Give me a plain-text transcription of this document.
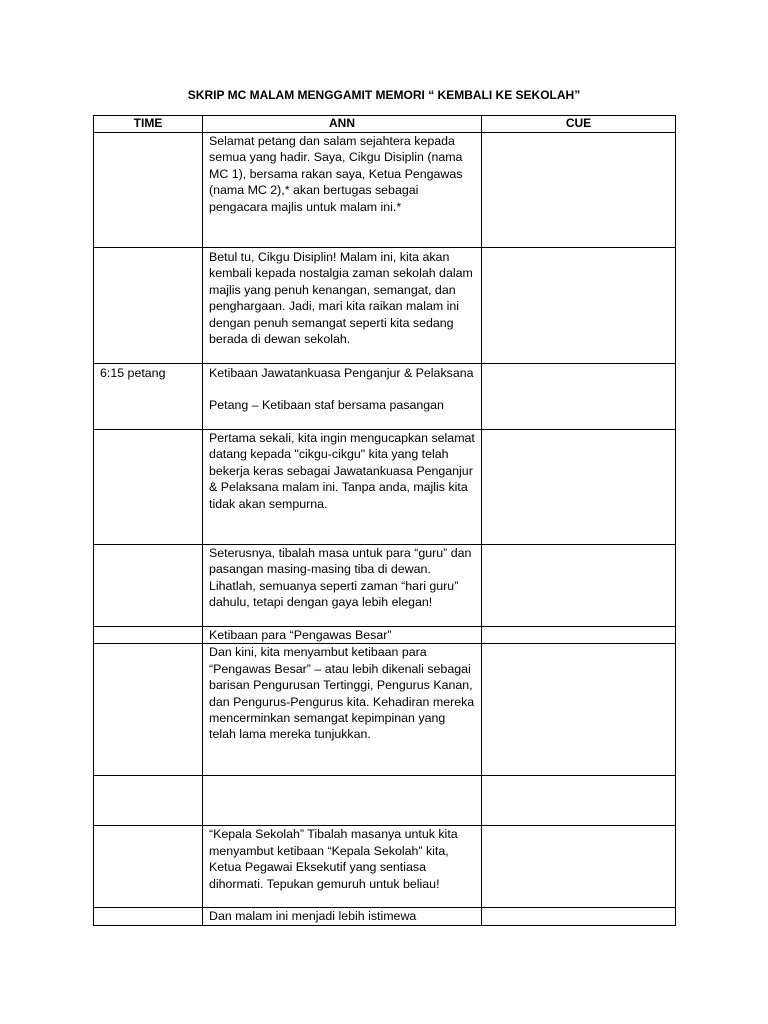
SKRIP MC MALAM MENGGAMIT MEMORI “ KEMBALI KE SEKOLAH”
TIME	ANN	CUE

	Selamat petang dan salam sejahtera kepada semua yang hadir. Saya, Cikgu Disiplin (nama MC 1), bersama rakan saya, Ketua Pengawas (nama MC 2),* akan bertugas sebagai pengacara majlis untuk malam ini.*	

	Betul tu, Cikgu Disiplin! Malam ini, kita akan kembali kepada nostalgia zaman sekolah dalam majlis yang penuh kenangan, semangat, dan penghargaan. Jadi, mari kita raikan malam ini dengan penuh semangat seperti kita sedang berada di dewan sekolah.	

6:15 petang	Ketibaan Jawatankuasa Penganjur & Pelaksana

Petang – Ketibaan staf bersama pasangan	

	Pertama sekali, kita ingin mengucapkan selamat datang kepada "cikgu-cikgu" kita yang telah bekerja keras sebagai Jawatankuasa Penganjur & Pelaksana malam ini. Tanpa anda, majlis kita tidak akan sempurna.	

	Seterusnya, tibalah masa untuk para “guru” dan pasangan masing-masing tiba di dewan. Lihatlah, semuanya seperti zaman “hari guru” dahulu, tetapi dengan gaya lebih elegan!	

	Ketibaan para “Pengawas Besar”	

	Dan kini, kita menyambut ketibaan para “Pengawas Besar” – atau lebih dikenali sebagai barisan Pengurusan Tertinggi, Pengurus Kanan, dan Pengurus-Pengurus kita. Kehadiran mereka mencerminkan semangat kepimpinan yang telah lama mereka tunjukkan.	

	“Kepala Sekolah” Tibalah masanya untuk kita menyambut ketibaan “Kepala Sekolah” kita, Ketua Pegawai Eksekutif yang sentiasa dihormati. Tepukan gemuruh untuk beliau!	

	Dan malam ini menjadi lebih istimewa	
